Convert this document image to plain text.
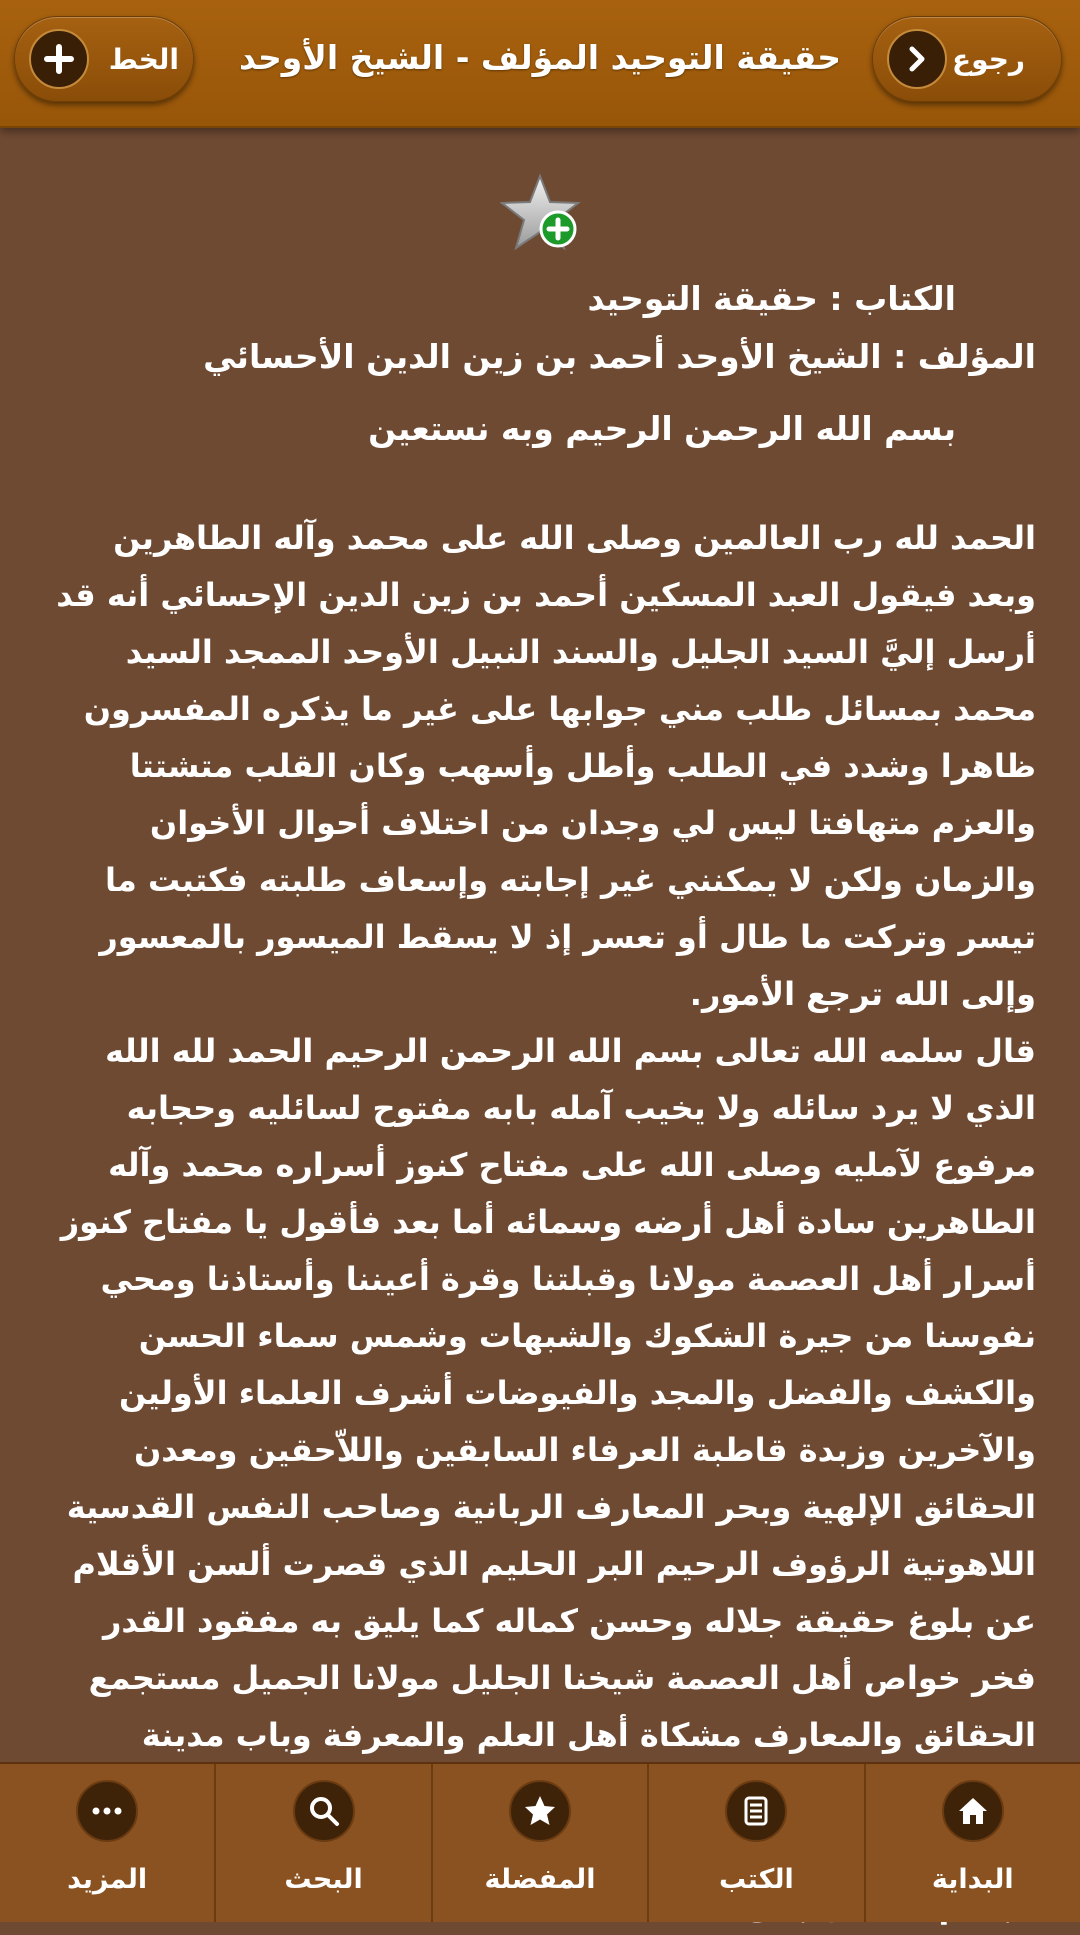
رجوع
حقيقة التوحيد المؤلف - الشيخ الأوحد
الخط
الكتاب : حقيقة التوحيد
المؤلف : الشيخ الأوحد أحمد بن زين الدين الأحسائي
بسم الله الرحمن الرحيم وبه نستعين

الحمد لله رب العالمين وصلى الله على محمد وآله الطاهرين وبعد فيقول العبد المسكين أحمد بن زين الدين الإحسائي أنه قد أرسل إليَّ السيد الجليل والسند النبيل الأوحد الممجد السيد محمد بمسائل طلب مني جوابها على غير ما يذكره المفسرون ظاهرا وشدد في الطلب وأطل وأسهب وكان القلب متشتتا والعزم متهافتا ليس لي وجدان من اختلاف أحوال الأخوان والزمان ولكن لا يمكنني غير إجابته وإسعاف طلبته فكتبت ما تيسر وتركت ما طال أو تعسر إذ لا يسقط الميسور بالمعسور وإلى الله ترجع الأمور.

قال سلمه الله تعالى بسم الله الرحمن الرحيم الحمد لله الله الذي لا يرد سائله ولا يخيب آمله بابه مفتوح لسائليه وحجابه مرفوع لآمليه وصلى الله على مفتاح كنوز أسراره محمد وآله الطاهرين سادة أهل أرضه وسمائه أما بعد فأقول يا مفتاح كنوز أسرار أهل العصمة مولانا وقبلتنا وقرة أعيننا وأستاذنا ومحي نفوسنا من جيرة الشكوك والشبهات وشمس سماء الحسن والكشف والفضل والمجد والفيوضات أشرف العلماء الأولين والآخرين وزبدة قاطبة العرفاء السابقين واللاّحقين ومعدن الحقائق الإلهية وبحر المعارف الربانية وصاحب النفس القدسية اللاهوتية الرؤوف الرحيم البر الحليم الذي قصرت ألسن الأقلام عن بلوغ حقيقة جلاله وحسن كماله كما يليق به مفقود القدر فخر خواص أهل العصمة شيخنا الجليل مولانا الجميل مستجمع الحقائق والمعارف مشكاة أهل العلم والمعرفة وباب مدينة

البداية
الكتب
المفضلة
البحث
المزيد
